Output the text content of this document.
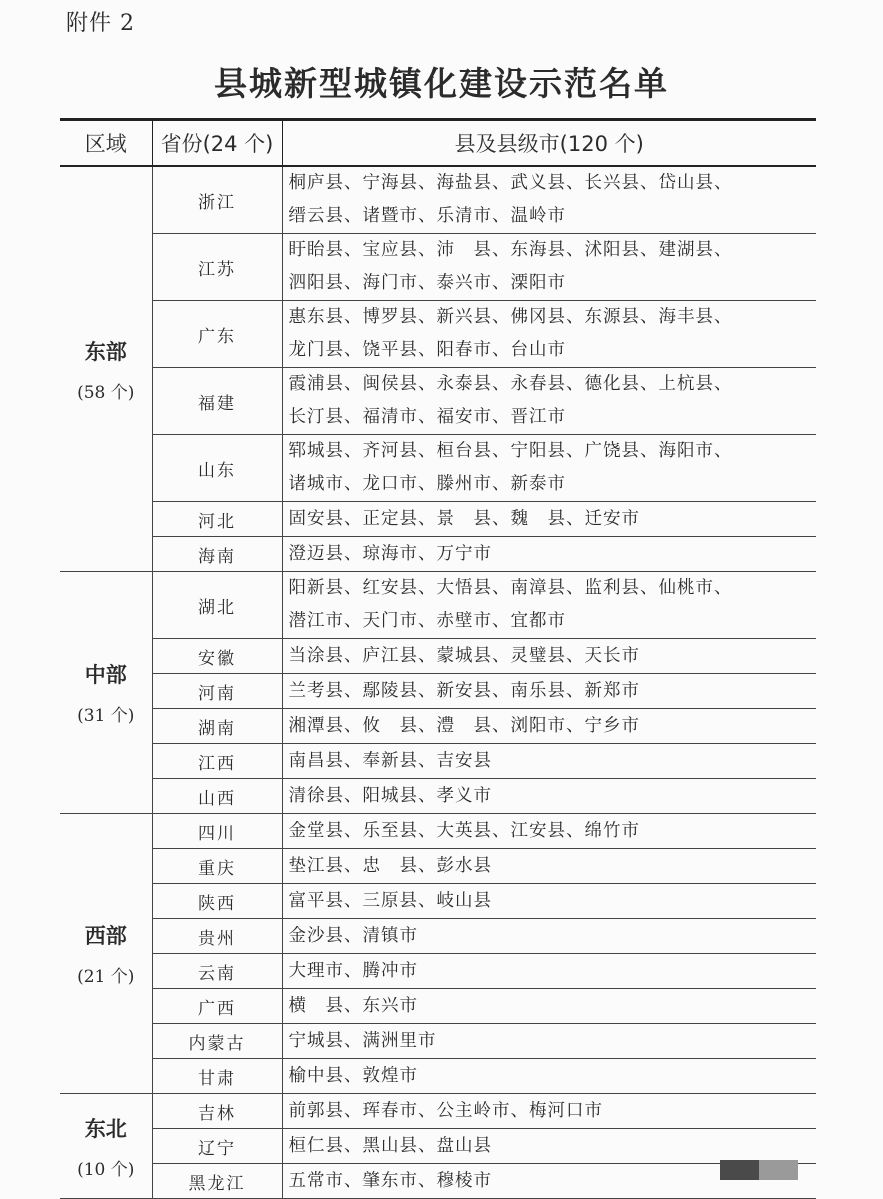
附件 2
县城新型城镇化建设示范名单
区域	省份(24 个)	县及县级市(120 个)

东部
(58 个)	浙江	桐庐县、宁海县、海盐县、武义县、长兴县、岱山县、
缙云县、诸暨市、乐清市、温岭市

	江苏	盱眙县、宝应县、沛　县、东海县、沭阳县、建湖县、
泗阳县、海门市、泰兴市、溧阳市

	广东	惠东县、博罗县、新兴县、佛冈县、东源县、海丰县、
龙门县、饶平县、阳春市、台山市

	福建	霞浦县、闽侯县、永泰县、永春县、德化县、上杭县、
长汀县、福清市、福安市、晋江市

	山东	郓城县、齐河县、桓台县、宁阳县、广饶县、海阳市、
诸城市、龙口市、滕州市、新泰市

	河北	固安县、正定县、景　县、魏　县、迁安市

	海南	澄迈县、琼海市、万宁市

中部
(31 个)	湖北	阳新县、红安县、大悟县、南漳县、监利县、仙桃市、
潜江市、天门市、赤壁市、宜都市

	安徽	当涂县、庐江县、蒙城县、灵璧县、天长市

	河南	兰考县、鄢陵县、新安县、南乐县、新郑市

	湖南	湘潭县、攸　县、澧　县、浏阳市、宁乡市

	江西	南昌县、奉新县、吉安县

	山西	清徐县、阳城县、孝义市

西部
(21 个)	四川	金堂县、乐至县、大英县、江安县、绵竹市

	重庆	垫江县、忠　县、彭水县

	陕西	富平县、三原县、岐山县

	贵州	金沙县、清镇市

	云南	大理市、腾冲市

	广西	横　县、东兴市

	内蒙古	宁城县、满洲里市

	甘肃	榆中县、敦煌市

东北
(10 个)	吉林	前郭县、珲春市、公主岭市、梅河口市

	辽宁	桓仁县、黑山县、盘山县

	黑龙江	五常市、肇东市、穆棱市
